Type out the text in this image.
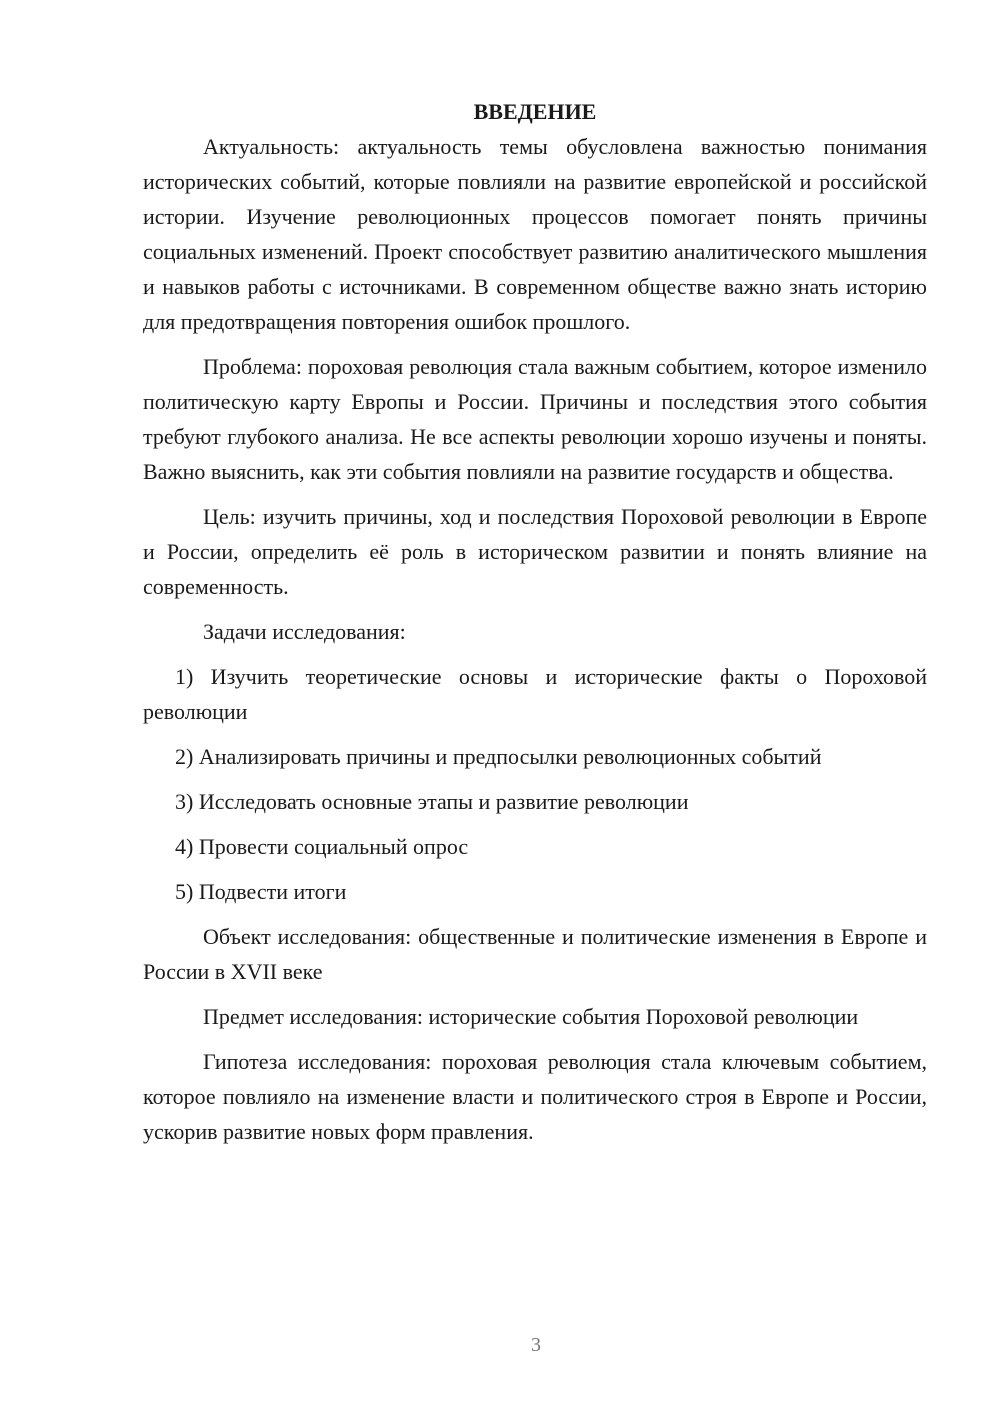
ВВЕДЕНИЕ

Актуальность: актуальность темы обусловлена важностью понимания исторических событий, которые повлияли на развитие европейской и российской истории. Изучение революционных процессов помогает понять причины социальных изменений. Проект способствует развитию аналитического мышления и навыков работы с источниками. В современном обществе важно знать историю для предотвращения повторения ошибок прошлого.

Проблема: пороховая революция стала важным событием, которое изменило политическую карту Европы и России. Причины и последствия этого события требуют глубокого анализа. Не все аспекты революции хорошо изучены и поняты. Важно выяснить, как эти события повлияли на развитие государств и общества.

Цель: изучить причины, ход и последствия Пороховой революции в Европе и России, определить её роль в историческом развитии и понять влияние на современность.

Задачи исследования:

1) Изучить теоретические основы и исторические факты о Пороховой революции

2) Анализировать причины и предпосылки революционных событий

3) Исследовать основные этапы и развитие революции

4) Провести социальный опрос

5) Подвести итоги

Объект исследования: общественные и политические изменения в Европе и России в XVII веке

Предмет исследования: исторические события Пороховой революции

Гипотеза исследования: пороховая революция стала ключевым событием, которое повлияло на изменение власти и политического строя в Европе и России, ускорив развитие новых форм правления.

3
